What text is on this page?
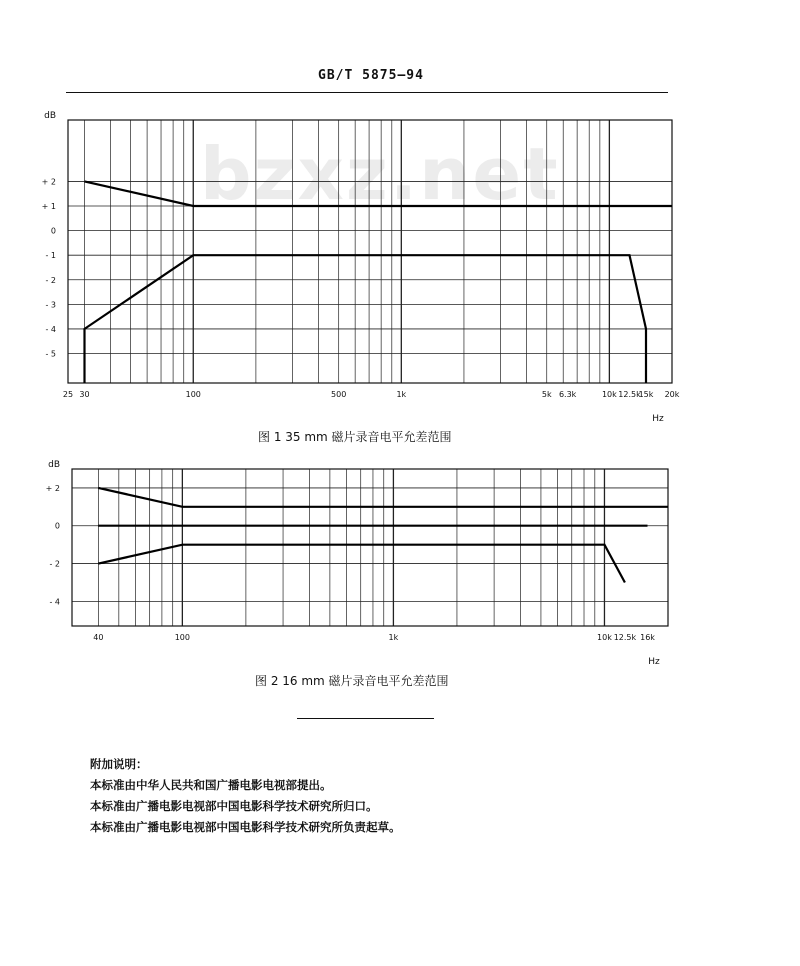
GB/T 5875—94
bzxz.net
+ 2
+ 1
0
- 1
- 2
- 3
- 4
- 5
25 30	100	500	1k	5k 6.3k	10k 12.5k
15k 20k
dB
Hz
图 1 35 mm 磁片录音电平允差范围
+ 2
0
- 2
- 4
40	100	1k	10k 12.5k 16k
dB
Hz
图 2 16 mm 磁片录音电平允差范围
附加说明：
本标准由中华人民共和国广播电影电视部提出。
本标准由广播电影电视部中国电影科学技术研究所归口。
本标准由广播电影电视部中国电影科学技术研究所负责起草。
